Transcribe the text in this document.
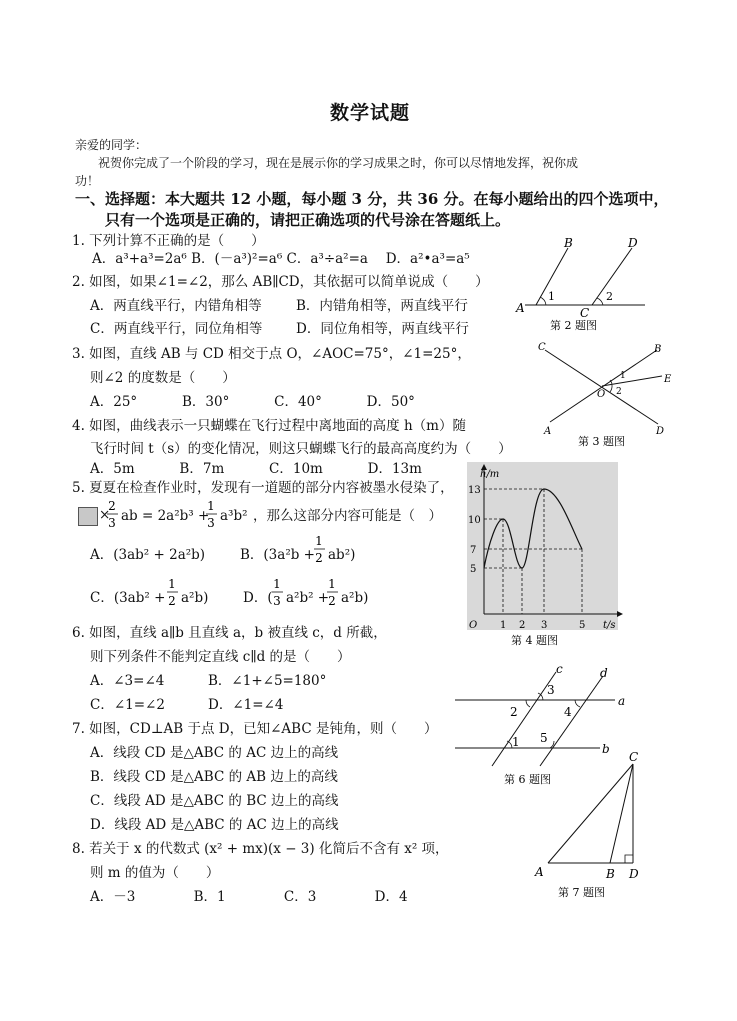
数学试题
亲爱的同学：
祝贺你完成了一个阶段的学习，现在是展示你的学习成果之时，你可以尽情地发挥，祝你成
功！
一、选择题：本大题共 12 小题，每小题 3 分，共 36 分。在每小题给出的四个选项中，
只有一个选项是正确的，请把正确选项的代号涂在答题纸上。
1. 下列计算不正确的是（　　）
A．a³+a³=2a⁶ B．(－a³)²=a⁶ C．a³÷a²=a　 D．a²•a³=a⁵
2. 如图，如果∠1=∠2，那么 AB∥CD，其依据可以简单说成（　　）
A．两直线平行，内错角相等	B．内错角相等，两直线平行
C．两直线平行，同位角相等 D．同位角相等，两直线平行
3. 如图，直线 AB 与 CD 相交于点 O，∠AOC=75°，∠1=25°，
则∠2 的度数是（　　）
A．25°　　　 B．30°　　　 C．40°　　　 D．50°
4. 如图，曲线表示一只蝴蝶在飞行过程中离地面的高度 h（m）随
飞行时间 t（s）的变化情况，则这只蝴蝶飞行的最高高度约为（　　）
A．5m　　　 B．7m　　　 C．10m　　　 D．13m
5. 夏夏在检查作业时，发现有一道题的部分内容被墨水侵染了，
×
2
3
1
3
1
2
1
2
1
3
1
2
ab = 2a²b³ + a³b² ，那么这部分内容可能是（　）
A．(3ab² + 2a²b)	B．(3a²b + ab²)
C．(3ab² + a²b)	D．( a²b² + a²b)
6. 如图，直线 a∥b 且直线 a，b 被直线 c，d 所截，
则下列条件不能判定直线 c∥d 的是（　　）
A．∠3=∠4	B．∠1+∠5=180°
C．∠1=∠2	D．∠1=∠4
7. 如图，CD⊥AB 于点 D，已知∠ABC 是钝角，则（　　）
A．线段 CD 是△ABC 的 AC 边上的高线
B．线段 CD 是△ABC 的 AB 边上的高线
C．线段 AD 是△ABC 的 BC 边上的高线
D．线段 AD 是△ABC 的 AC 边上的高线
8. 若关于 x 的代数式 (x² + mx)(x − 3) 化简后不含有 x² 项，
则 m 的值为（　　）
A．－3　　　　 B．1　　　　 C．3　　　　 D．4
A
B
C
D
1	2
第 2 题图
C	B
E
O
A	D
1
2
第 3 题图
h/m
t/s
O
5
7
10
13
1 2 3	5
第 4 题图
c	d
a
b
3
2	4
1 5
第 6 题图
C
A	B D
第 7 题图
